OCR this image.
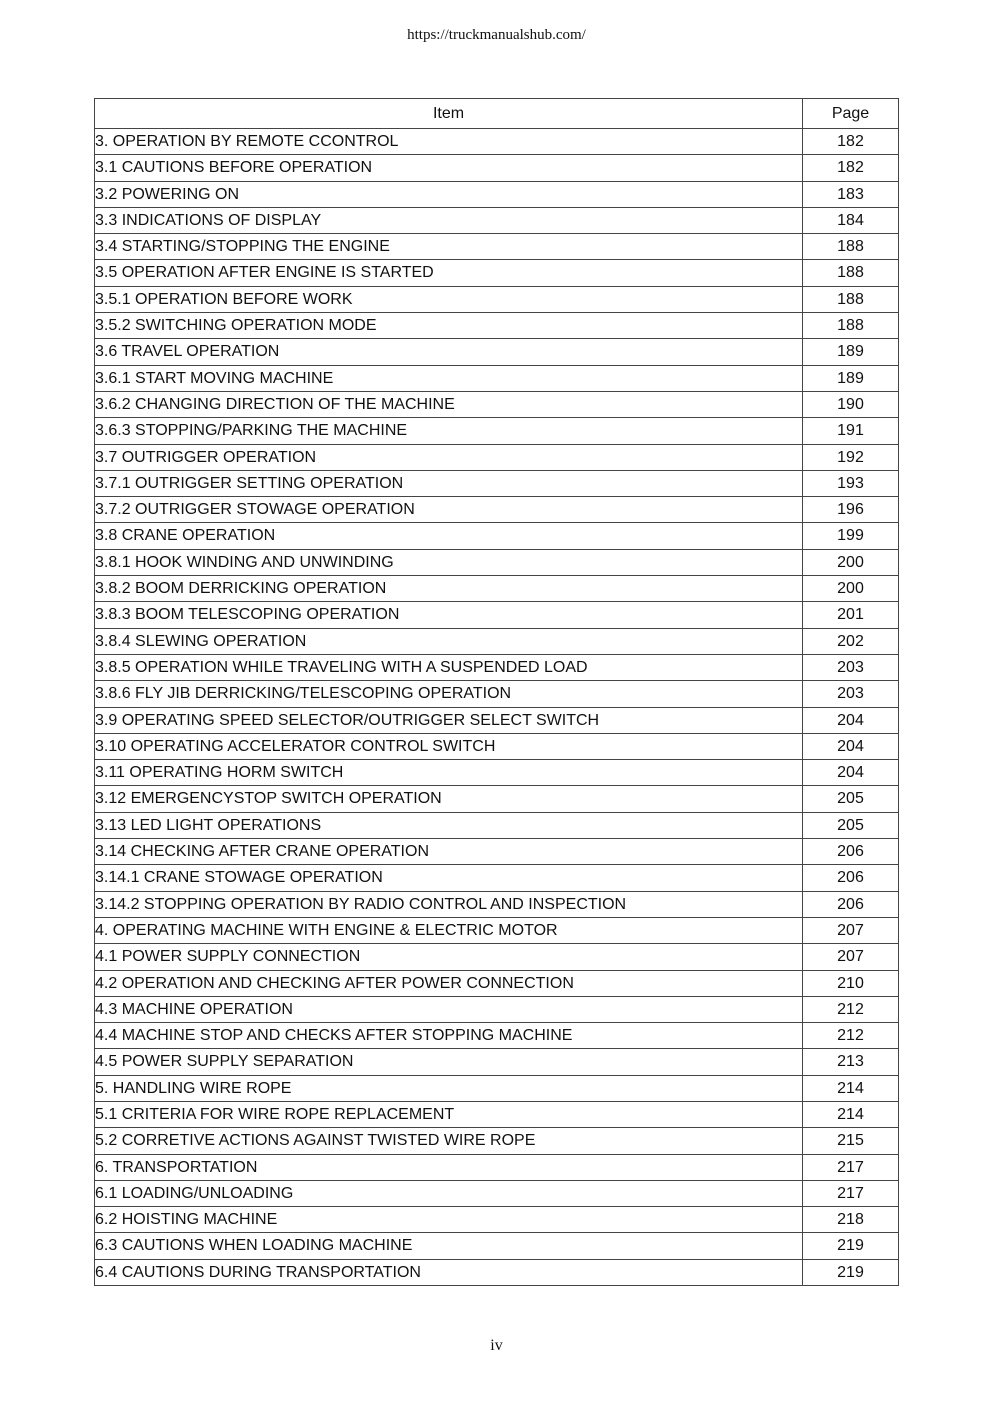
https://truckmanualshub.com/
Item	Page
3. OPERATION BY REMOTE CCONTROL	182
3.1 CAUTIONS BEFORE OPERATION	182
3.2 POWERING ON	183
3.3 INDICATIONS OF DISPLAY	184
3.4 STARTING/STOPPING THE ENGINE	188
3.5 OPERATION AFTER ENGINE IS STARTED	188
3.5.1 OPERATION BEFORE WORK	188
3.5.2 SWITCHING OPERATION MODE	188
3.6 TRAVEL OPERATION	189
3.6.1 START MOVING MACHINE	189
3.6.2 CHANGING DIRECTION OF THE MACHINE	190
3.6.3 STOPPING/PARKING THE MACHINE	191
3.7 OUTRIGGER OPERATION	192
3.7.1 OUTRIGGER SETTING OPERATION	193
3.7.2 OUTRIGGER STOWAGE OPERATION	196
3.8 CRANE OPERATION	199
3.8.1 HOOK WINDING AND UNWINDING	200
3.8.2 BOOM DERRICKING OPERATION	200
3.8.3 BOOM TELESCOPING OPERATION	201
3.8.4 SLEWING OPERATION	202
3.8.5 OPERATION WHILE TRAVELING WITH A SUSPENDED LOAD	203
3.8.6 FLY JIB DERRICKING/TELESCOPING OPERATION	203
3.9 OPERATING SPEED SELECTOR/OUTRIGGER SELECT SWITCH	204
3.10 OPERATING ACCELERATOR CONTROL SWITCH	204
3.11 OPERATING HORM SWITCH	204
3.12 EMERGENCYSTOP SWITCH OPERATION	205
3.13 LED LIGHT OPERATIONS	205
3.14 CHECKING AFTER CRANE OPERATION	206
3.14.1 CRANE STOWAGE OPERATION	206
3.14.2 STOPPING OPERATION BY RADIO CONTROL AND INSPECTION	206
4. OPERATING MACHINE WITH ENGINE & ELECTRIC MOTOR	207
4.1 POWER SUPPLY CONNECTION	207
4.2 OPERATION AND CHECKING AFTER POWER CONNECTION	210
4.3 MACHINE OPERATION	212
4.4 MACHINE STOP AND CHECKS AFTER STOPPING MACHINE	212
4.5 POWER SUPPLY SEPARATION	213
5. HANDLING WIRE ROPE	214
5.1 CRITERIA FOR WIRE ROPE REPLACEMENT	214
5.2 CORRETIVE ACTIONS AGAINST TWISTED WIRE ROPE	215
6. TRANSPORTATION	217
6.1 LOADING/UNLOADING	217
6.2 HOISTING MACHINE	218
6.3 CAUTIONS WHEN LOADING MACHINE	219
6.4 CAUTIONS DURING TRANSPORTATION	219
iv
